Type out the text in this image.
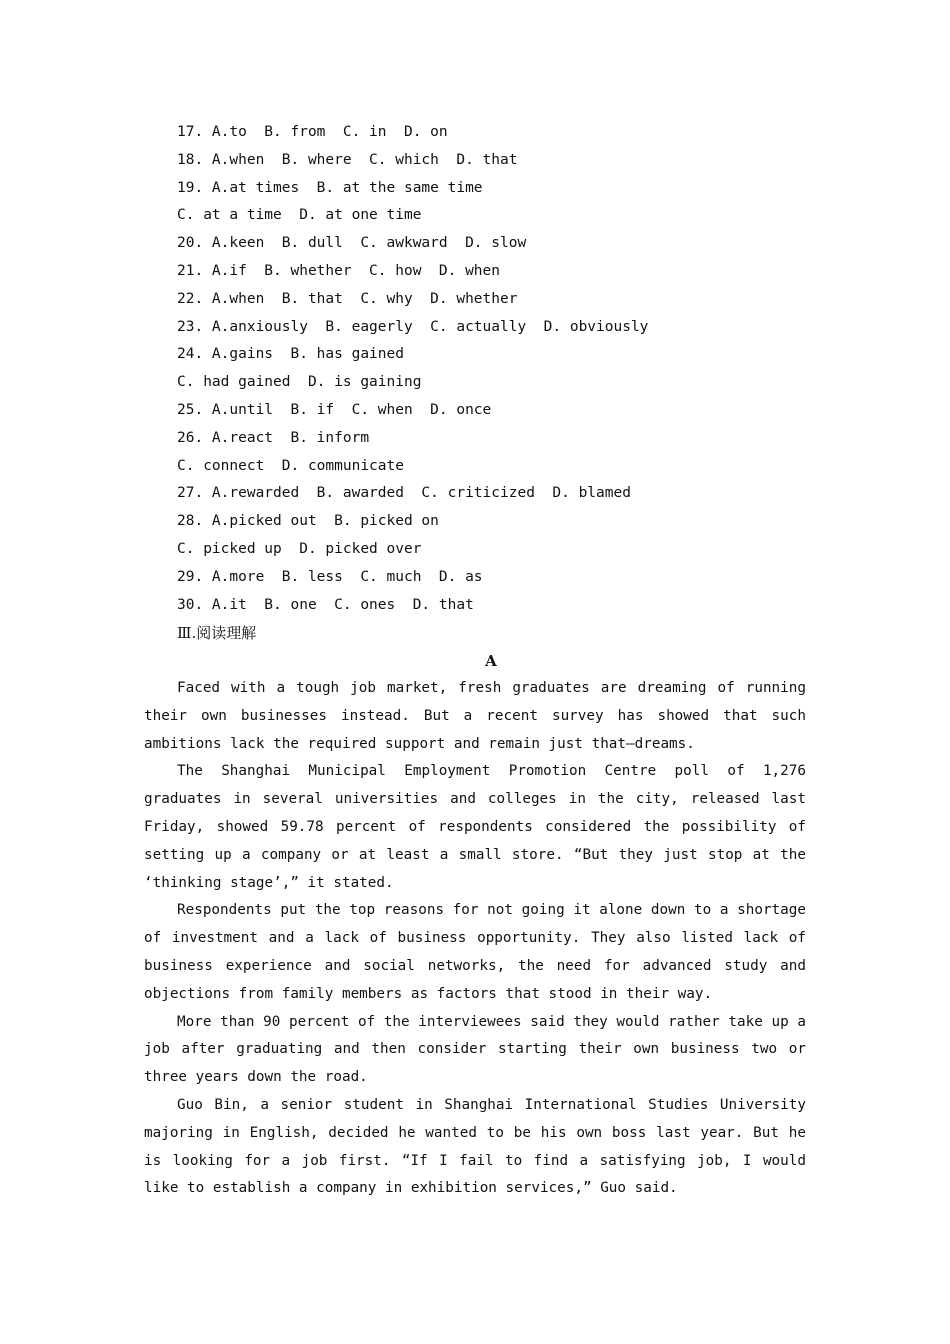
17. A.to  B. from  C. in  D. on
18. A.when  B. where  C. which  D. that
19. A.at times  B. at the same time
C. at a time  D. at one time
20. A.keen  B. dull  C. awkward  D. slow
21. A.if  B. whether  C. how  D. when
22. A.when  B. that  C. why  D. whether
23. A.anxiously  B. eagerly  C. actually  D. obviously
24. A.gains  B. has gained
C. had gained  D. is gaining
25. A.until  B. if  C. when  D. once
26. A.react  B. inform
C. connect  D. communicate
27. A.rewarded  B. awarded  C. criticized  D. blamed
28. A.picked out  B. picked on
C. picked up  D. picked over
29. A.more  B. less  C. much  D. as
30. A.it  B. one  C. ones  D. that
Ⅲ.阅读理解
A

Faced with a tough job market, fresh graduates are dreaming of running their own businesses instead. But a recent survey has showed that such ambitions lack the required support and remain just that—dreams.

The Shanghai Municipal Employment Promotion Centre poll of 1,276 graduates in several universities and colleges in the city, released last Friday, showed 59.78 percent of respondents considered the possibility of setting up a company or at least a small store. “But they just stop at the ‘thinking stage’,” it stated.

Respondents put the top reasons for not going it alone down to a shortage of investment and a lack of business opportunity. They also listed lack of business experience and social networks, the need for advanced study and objections from family members as factors that stood in their way.

More than 90 percent of the interviewees said they would rather take up a job after graduating and then consider starting their own business two or three years down the road.

Guo Bin, a senior student in Shanghai International Studies University majoring in English, decided he wanted to be his own boss last year. But he is looking for a job first. “If I fail to find a satisfying job, I would like to establish a company in exhibition services,” Guo said.
